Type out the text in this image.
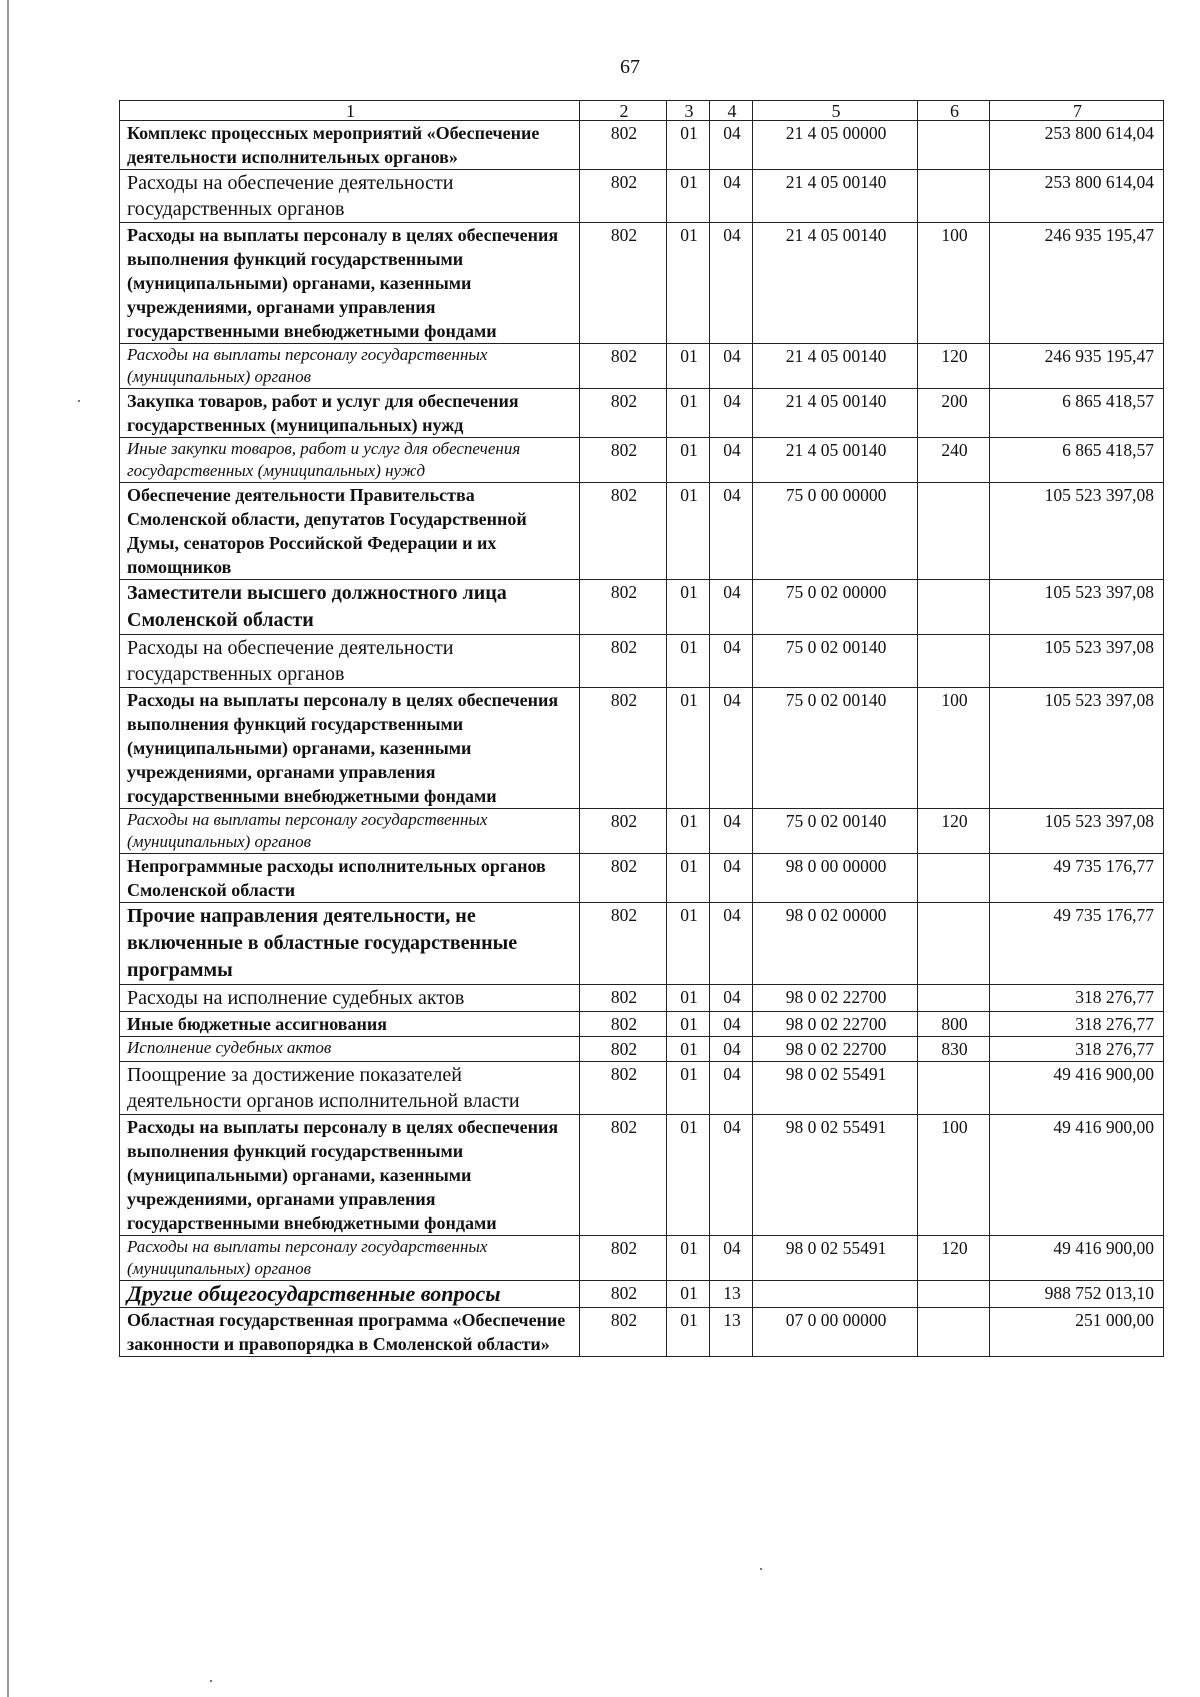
67
1	2	3	4	5	6	7
Комплекс процессных мероприятий «Обеспечение деятельности исполнительных органов»	802	01	04	21 4 05 00000		253 800 614,04
Расходы на обеспечение деятельности государственных органов	802	01	04	21 4 05 00140		253 800 614,04
Расходы на выплаты персоналу в целях обеспечения выполнения функций государственными (муниципальными) органами, казенными учреждениями, органами управления государственными внебюджетными фондами	802	01	04	21 4 05 00140	100	246 935 195,47
Расходы на выплаты персоналу государственных (муниципальных) органов	802	01	04	21 4 05 00140	120	246 935 195,47
Закупка товаров, работ и услуг для обеспечения государственных (муниципальных) нужд	802	01	04	21 4 05 00140	200	6 865 418,57
Иные закупки товаров, работ и услуг для обеспечения государственных (муниципальных) нужд	802	01	04	21 4 05 00140	240	6 865 418,57
Обеспечение деятельности Правительства Смоленской области, депутатов Государственной Думы, сенаторов Российской Федерации и их помощников	802	01	04	75 0 00 00000		105 523 397,08
Заместители высшего должностного лица Смоленской области	802	01	04	75 0 02 00000		105 523 397,08
Расходы на обеспечение деятельности государственных органов	802	01	04	75 0 02 00140		105 523 397,08
Расходы на выплаты персоналу в целях обеспечения выполнения функций государственными (муниципальными) органами, казенными учреждениями, органами управления государственными внебюджетными фондами	802	01	04	75 0 02 00140	100	105 523 397,08
Расходы на выплаты персоналу государственных (муниципальных) органов	802	01	04	75 0 02 00140	120	105 523 397,08
Непрограммные расходы исполнительных органов Смоленской области	802	01	04	98 0 00 00000		49 735 176,77
Прочие направления деятельности, не включенные в областные государственные программы	802	01	04	98 0 02 00000		49 735 176,77
Расходы на исполнение судебных актов	802	01	04	98 0 02 22700		318 276,77
Иные бюджетные ассигнования	802	01	04	98 0 02 22700	800	318 276,77
Исполнение судебных актов	802	01	04	98 0 02 22700	830	318 276,77
Поощрение за достижение показателей деятельности органов исполнительной власти	802	01	04	98 0 02 55491		49 416 900,00
Расходы на выплаты персоналу в целях обеспечения выполнения функций государственными (муниципальными) органами, казенными учреждениями, органами управления государственными внебюджетными фондами	802	01	04	98 0 02 55491	100	49 416 900,00
Расходы на выплаты персоналу государственных (муниципальных) органов	802	01	04	98 0 02 55491	120	49 416 900,00
Другие общегосударственные вопросы	802	01	13			988 752 013,10
Областная государственная программа «Обеспечение законности и правопорядка в Смоленской области»	802	01	13	07 0 00 00000		251 000,00
